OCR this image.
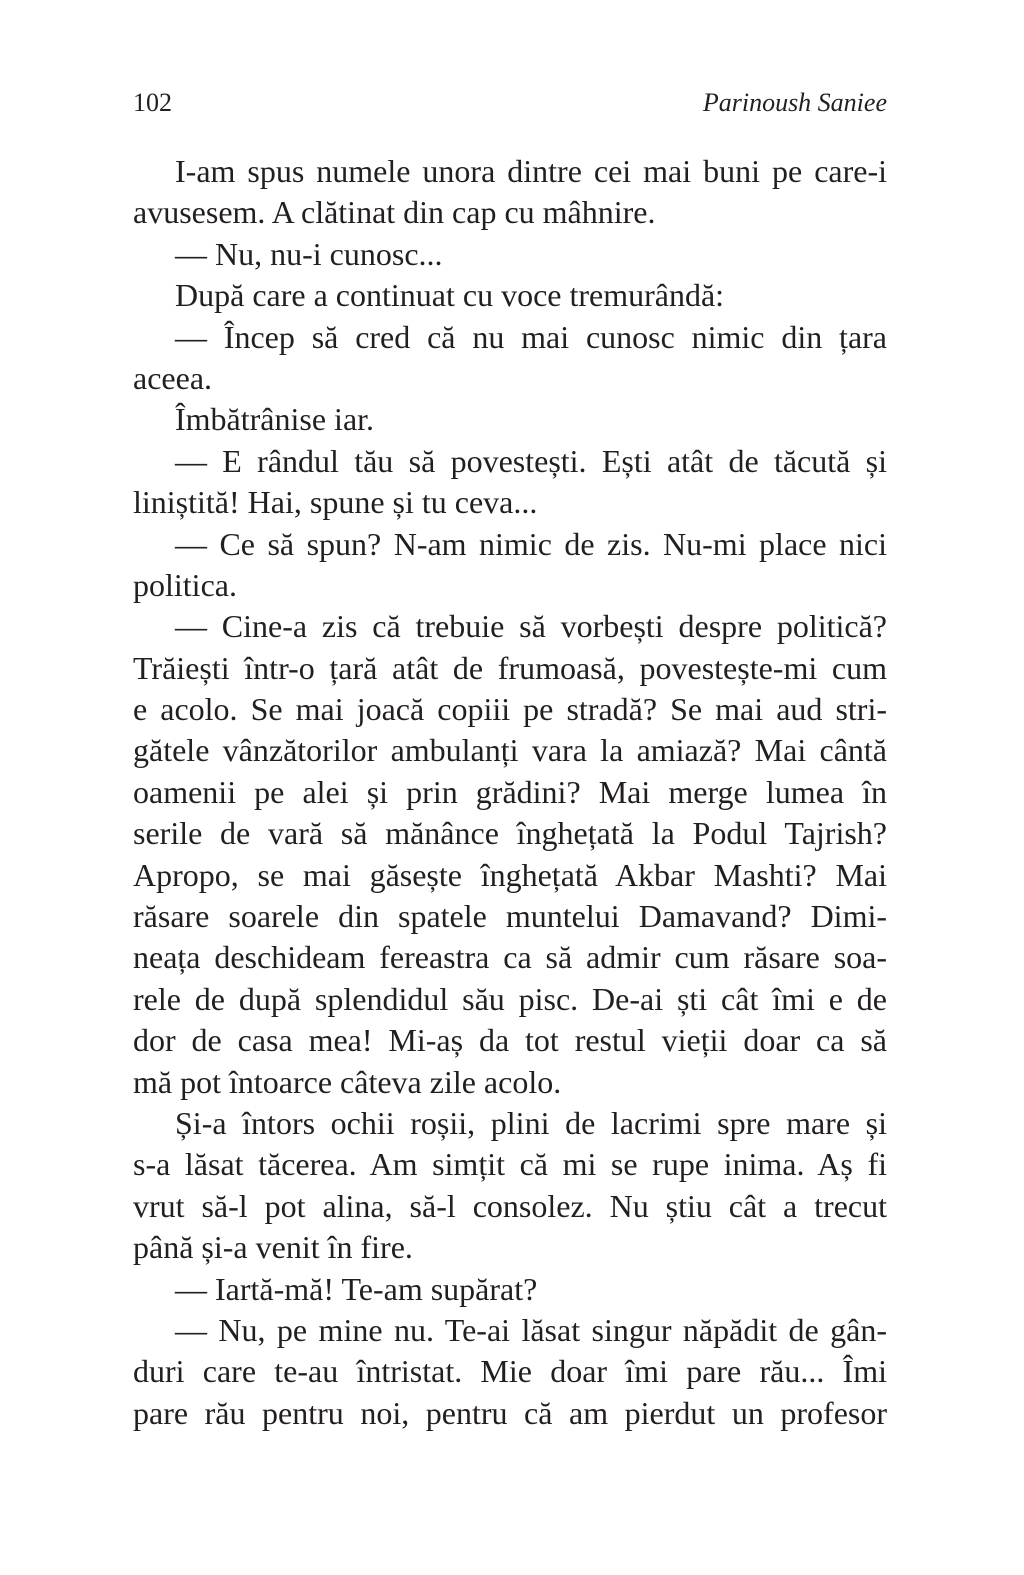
102	Parinoush Saniee
I-am spus numele unora dintre cei mai buni pe care-i
avusesem. A clătinat din cap cu mâhnire.
— Nu, nu-i cunosc...
După care a continuat cu voce tremurândă:
— Încep să cred că nu mai cunosc nimic din țara
aceea.
Îmbătrânise iar.
— E rândul tău să povestești. Ești atât de tăcută și
liniștită! Hai, spune și tu ceva...
— Ce să spun? N-am nimic de zis. Nu-mi place nici
politica.
— Cine-a zis că trebuie să vorbești despre politică?
Trăiești într-o țară atât de frumoasă, povestește-mi cum
e acolo. Se mai joacă copiii pe stradă? Se mai aud stri-
gătele vânzătorilor ambulanți vara la amiază? Mai cântă
oamenii pe alei și prin grădini? Mai merge lumea în
serile de vară să mănânce înghețată la Podul Tajrish?
Apropo, se mai găsește înghețată Akbar Mashti? Mai
răsare soarele din spatele muntelui Damavand? Dimi-
neața deschideam fereastra ca să admir cum răsare soa-
rele de după splendidul său pisc. De-ai ști cât îmi e de
dor de casa mea! Mi-aș da tot restul vieții doar ca să
mă pot întoarce câteva zile acolo.
Și-a întors ochii roșii, plini de lacrimi spre mare și
s-a lăsat tăcerea. Am simțit că mi se rupe inima. Aș fi
vrut să-l pot alina, să-l consolez. Nu știu cât a trecut
până și-a venit în fire.
— Iartă-mă! Te-am supărat?
— Nu, pe mine nu. Te-ai lăsat singur năpădit de gân-
duri care te-au întristat. Mie doar îmi pare rău... Îmi
pare rău pentru noi, pentru că am pierdut un profesor
